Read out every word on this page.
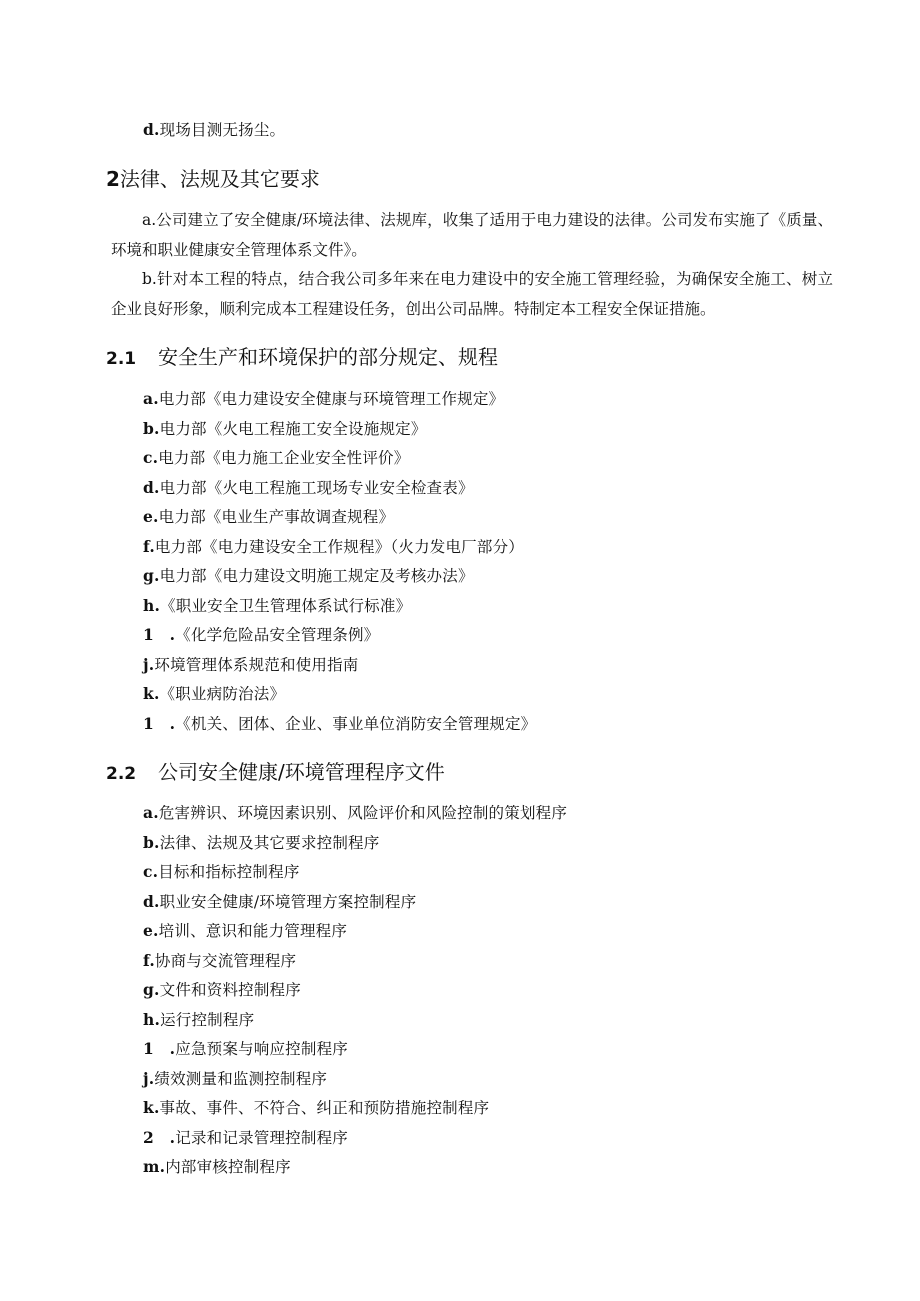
d.现场目测无扬尘。
2法律、法规及其它要求
a.公司建立了安全健康/环境法律、法规库，收集了适用于电力建设的法律。公司发布实施了《质量、环境和职业健康安全管理体系文件》。
b.针对本工程的特点，结合我公司多年来在电力建设中的安全施工管理经验，为确保安全施工、树立企业良好形象，顺利完成本工程建设任务，创出公司品牌。特制定本工程安全保证措施。
2.1 安全生产和环境保护的部分规定、规程
a.电力部《电力建设安全健康与环境管理工作规定》
b.电力部《火电工程施工安全设施规定》
c.电力部《电力施工企业安全性评价》
d.电力部《火电工程施工现场专业安全检查表》
e.电力部《电业生产事故调查规程》
f.电力部《电力建设安全工作规程》（火力发电厂部分）
g.电力部《电力建设文明施工规定及考核办法》
h.《职业安全卫生管理体系试行标准》
1　.《化学危险品安全管理条例》
j.环境管理体系规范和使用指南
k.《职业病防治法》
1　.《机关、团体、企业、事业单位消防安全管理规定》
2.2 公司安全健康/环境管理程序文件
a.危害辨识、环境因素识别、风险评价和风险控制的策划程序
b.法律、法规及其它要求控制程序
c.目标和指标控制程序
d.职业安全健康/环境管理方案控制程序
e.培训、意识和能力管理程序
f.协商与交流管理程序
g.文件和资料控制程序
h.运行控制程序
1　.应急预案与响应控制程序
j.绩效测量和监测控制程序
k.事故、事件、不符合、纠正和预防措施控制程序
2　.记录和记录管理控制程序
m.内部审核控制程序
